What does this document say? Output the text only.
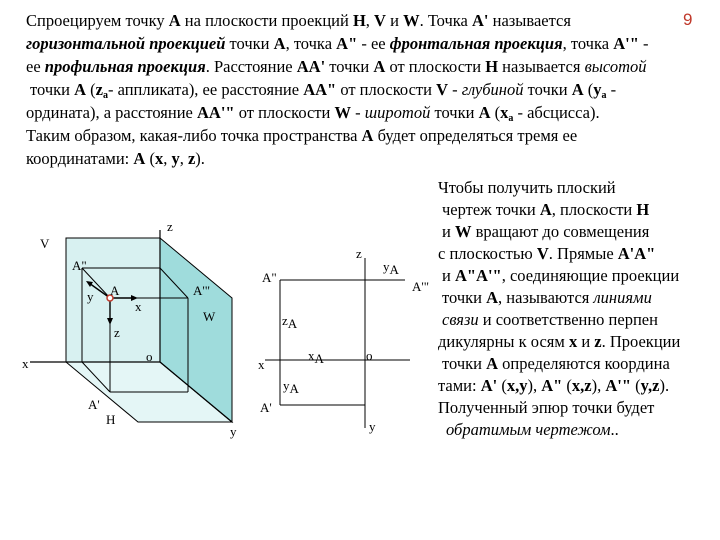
9
Спроецируем точку А на плоскости проекций Н, V и W. Точка А' называется
горизонтальной проекцией точки А, точка А" - ее фронтальная проекция, точка А'" -
ее профильная проекция. Расстояние АА' точки А от плоскости Н называется высотой
точки А ($z_а-$ аппликата), ее расстояние АА" от плоскости V - глубиной точки А ($у_а$ -
ордината), а расстояние АА'" от плоскости W - широтой точки А ($х_а$ - абсцисса).
Таким образом, какая-либо точка пространства А будет определяться тремя ее
координатами: А (х, у, z).
Чтобы получить плоский
чертеж точки А, плоскости Н
и W вращают до совмещения
с плоскостью V. Прямые A'A"
и A"A'", соединяющие проекции
точки А, называются линиями
связи и соответственно перпен
дикулярны к осям х и z. Проекции
точки А определяются координа
тами: A' (х,у), A" (x,z), A'" (y,z).
Полученный эпюр точки будет
обратимым чертежом..
z
V
A"
y A	A'"
x
W
z
x	o
A'
H
y
z
yA
A"
A'"
zA
x
xA	o
yA
A'
y
